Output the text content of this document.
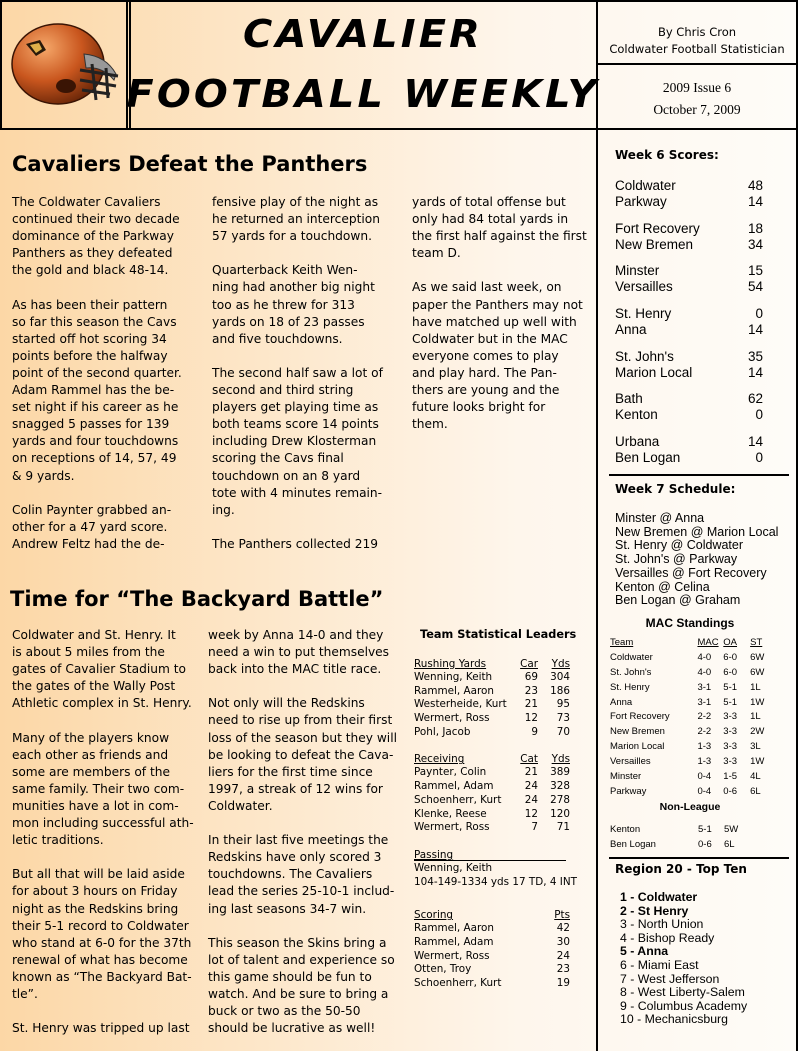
CAVALIER
FOOTBALL WEEKLY
By Chris Cron
Coldwater Football Statistician
2009 Issue 6
October 7, 2009
Cavaliers Defeat the Panthers

The Coldwater Cavaliers
continued their two decade
dominance of the Parkway
Panthers as they defeated
the gold and black 48-14.

As has been their pattern
so far this season the Cavs
started off hot scoring 34
points before the halfway
point of the second quarter.
Adam Rammel has the be-
set night if his career as he
snagged 5 passes for 139
yards and four touchdowns
on receptions of 14, 57, 49
& 9 yards.

Colin Paynter grabbed an-
other for a 47 yard score.
Andrew Feltz had the de-

fensive play of the night as
he returned an interception
57 yards for a touchdown.

Quarterback Keith Wen-
ning had another big night
too as he threw for 313
yards on 18 of 23 passes
and five touchdowns.

The second half saw a lot of
second and third string
players get playing time as
both teams score 14 points
including Drew Klosterman
scoring the Cavs final
touchdown on an 8 yard
tote with 4 minutes remain-
ing.

The Panthers collected 219

yards of total offense but
only had 84 total yards in
the first half against the first
team D.

As we said last week, on
paper the Panthers may not
have matched up well with
Coldwater but in the MAC
everyone comes to play
and play hard. The Pan-
thers are young and the
future looks bright for
them.

Time for “The Backyard Battle”

Coldwater and St. Henry. It
is about 5 miles from the
gates of Cavalier Stadium to
the gates of the Wally Post
Athletic complex in St. Henry.

Many of the players know
each other as friends and
some are members of the
same family. Their two com-
munities have a lot in com-
mon including successful ath-
letic traditions.

But all that will be laid aside
for about 3 hours on Friday
night as the Redskins bring
their 5-1 record to Coldwater
who stand at 6-0 for the 37th
renewal of what has become
known as “The Backyard Bat-
tle”.

St. Henry was tripped up last

week by Anna 14-0 and they
need a win to put themselves
back into the MAC title race.

Not only will the Redskins
need to rise up from their first
loss of the season but they will
be looking to defeat the Cava-
liers for the first time since
1997, a streak of 12 wins for
Coldwater.

In their last five meetings the
Redskins have only scored 3
touchdowns. The Cavaliers
lead the series 25-10-1 includ-
ing last seasons 34-7 win.

This season the Skins bring a
lot of talent and experience so
this game should be fun to
watch. And be sure to bring a
buck or two as the 50-50
should be lucrative as well!

Team Statistical Leaders
Rushing Yards	Car	Yds
Wenning, Keith	69	304
Rammel, Aaron	23	186
Westerheide, Kurt	21	95
Wermert, Ross	12	73
Pohl, Jacob	9	70
Receiving	Cat	Yds
Paynter, Colin	21	389
Rammel, Adam	24	328
Schoenherr, Kurt	24	278
Klenke, Reese	12	120
Wermert, Ross	7	71
Passing
Wenning, Keith
104-149-1334 yds 17 TD, 4 INT
Scoring	Pts
Rammel, Aaron	42
Rammel, Adam	30
Wermert, Ross	24
Otten, Troy	23
Schoenherr, Kurt	19
Week 6 Scores:
Coldwater	48
Parkway	14
Fort Recovery	18
New Bremen	34
Minster	15
Versailles	54
St. Henry	0
Anna	14
St. John's	35
Marion Local	14
Bath	62
Kenton	0
Urbana	14
Ben Logan	0
Week 7 Schedule:
Minster @ Anna
New Bremen @ Marion Local
St. Henry @ Coldwater
St. John's @ Parkway
Versailles @ Fort Recovery
Kenton @ Celina
Ben Logan @ Graham
MAC Standings
Team	MAC OA	ST
Coldwater	4-0	6-0	6W
St. John's	4-0	6-0	6W
St. Henry	3-1	5-1	1L
Anna	3-1	5-1	1W
Fort Recovery	2-2	3-3	1L
New Bremen	2-2	3-3	2W
Marion Local	1-3	3-3	3L
Versailles	1-3	3-3	1W
Minster	0-4	1-5	4L
Parkway	0-4	0-6	6L
Non-League
Kenton	5-1	5W
Ben Logan	0-6	6L
Region 20 - Top Ten
1 - Coldwater
2 - St Henry
3 - North Union
4 - Bishop Ready
5 - Anna
6 - Miami East
7 - West Jefferson
8 - West Liberty-Salem
9 - Columbus Academy
10 - Mechanicsburg
